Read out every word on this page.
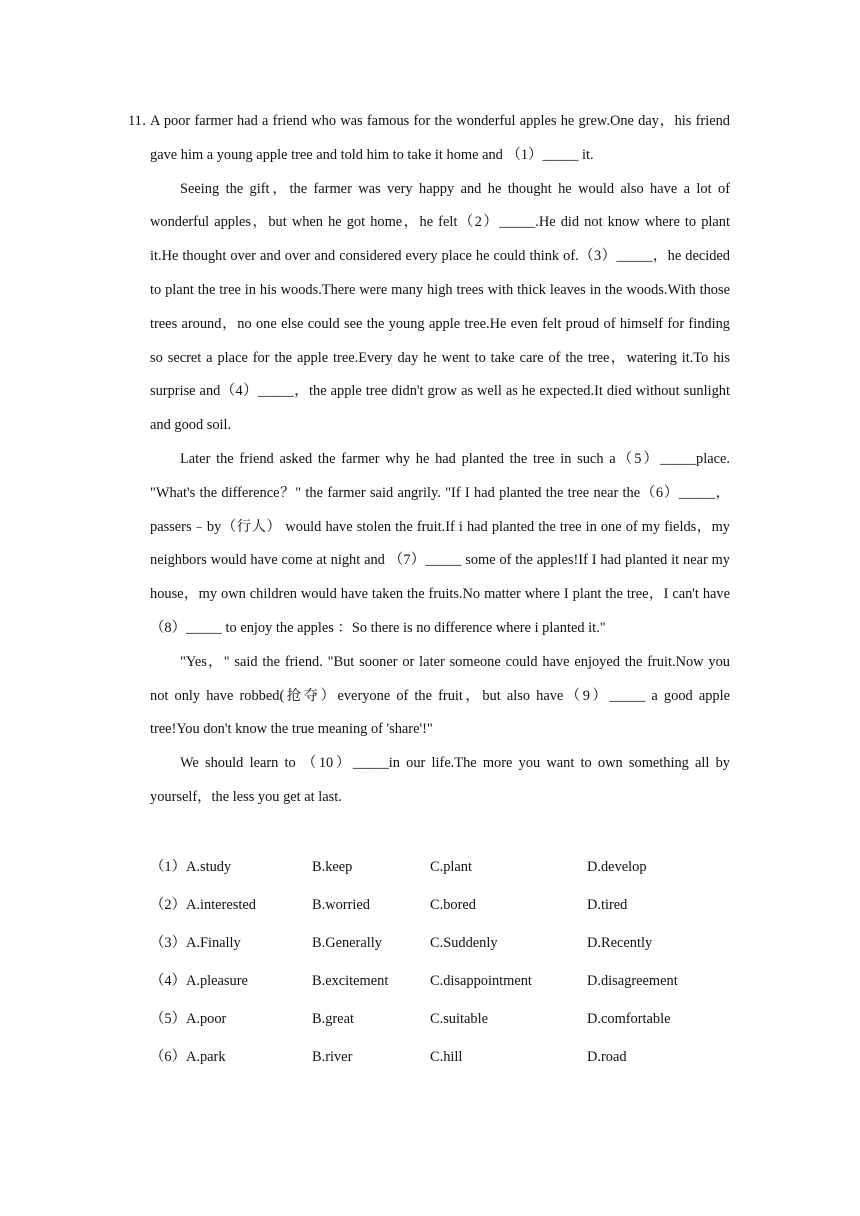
11．A poor farmer had a friend who was famous for the wonderful apples he grew.One day，his friend gave him a young apple tree and told him to take it home and （1）_____ it.

Seeing the gift，the farmer was very happy and he thought he would also have a lot of wonderful apples，but when he got home，he felt（2）_____.He did not know where to plant it.He thought over and over and considered every place he could think of.（3）_____，he decided to plant the tree in his woods.There were many high trees with thick leaves in the woods.With those trees around，no one else could see the young apple tree.He even felt proud of himself for finding so secret a place for the apple tree.Every day he went to take care of the tree，watering it.To his surprise and（4）_____，the apple tree didn't grow as well as he expected.It died without sunlight and good soil.

Later the friend asked the farmer why he had planted the tree in such a（5）_____place. "What's the difference？" the farmer said angrily. "If I had planted the tree near the（6）_____，passers﹣by（行人） would have stolen the fruit.If i had planted the tree in one of my fields，my neighbors would have come at night and （7）_____ some of the apples!If I had planted it near my house，my own children would have taken the fruits.No matter where I plant the tree，I can't have（8）_____ to enjoy the apples ：So there is no difference where i planted it."

"Yes，" said the friend. "But sooner or later someone could have enjoyed the fruit.Now you not only have robbed(抢夺）everyone of the fruit，but also have（9）_____ a good apple tree!You don't know the true meaning of 'share'!"

We should learn to （10）_____in our life.The more you want to own something all by yourself，the less you get at last.

（1）A.study	B.keep	C.plant	D.develop
（2）A.interested	B.worried	C.bored	D.tired
（3）A.Finally	B.Generally	C.Suddenly	D.Recently
（4）A.pleasure	B.excitement	C.disappointment	D.disagreement
（5）A.poor	B.great	C.suitable	D.comfortable
（6）A.park	B.river	C.hill	D.road
